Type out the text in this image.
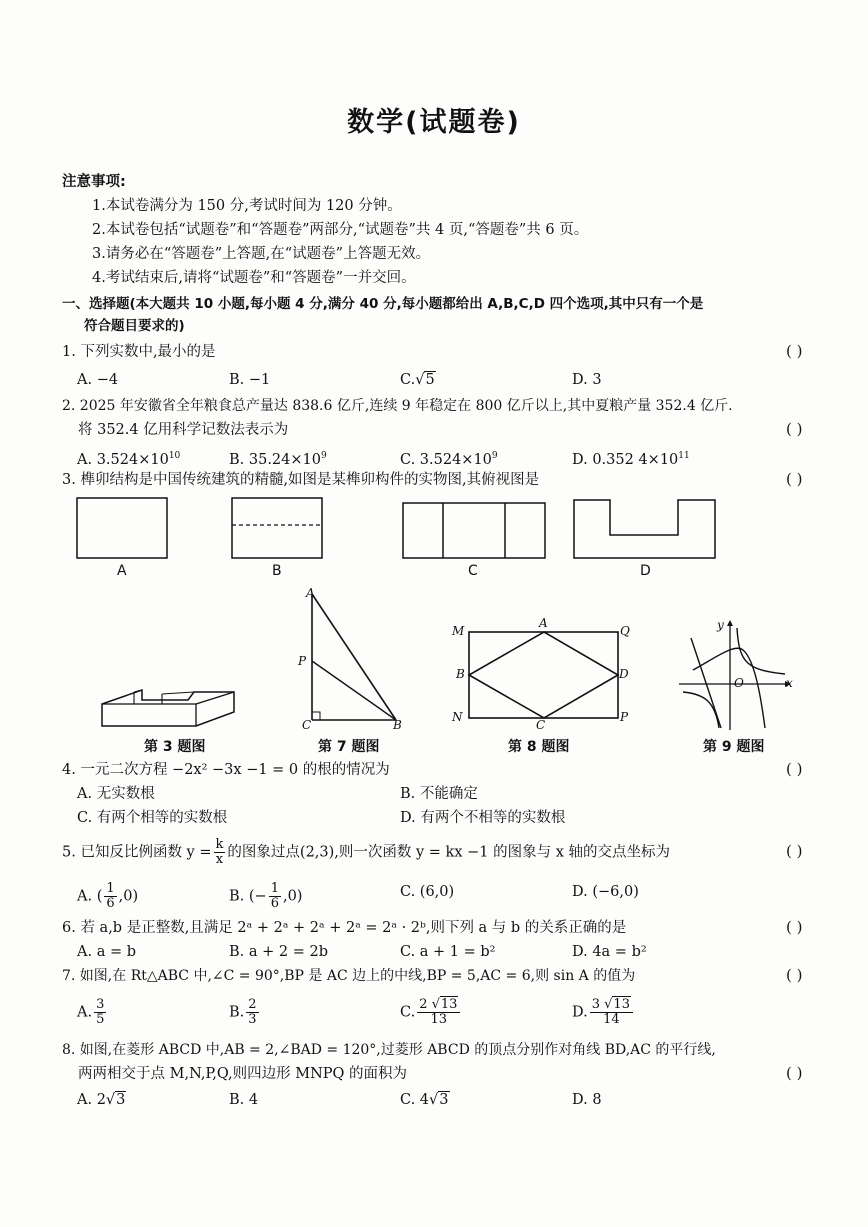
数学(试题卷)
注意事项:
1.本试卷满分为 150 分,考试时间为 120 分钟。
2.本试卷包括“试题卷”和“答题卷”两部分,“试题卷”共 4 页,“答题卷”共 6 页。
3.请务必在“答题卷”上答题,在“试题卷”上答题无效。
4.考试结束后,请将“试题卷”和“答题卷”一并交回。
一、选择题(本大题共 10 小题,每小题 4 分,满分 40 分,每小题都给出 A,B,C,D 四个选项,其中只有一个是
符合题目要求的)
1. 下列实数中,最小的是	( )
A. −4	B. −1	C.√5	D. 3
2. 2025 年安徽省全年粮食总产量达 838.6 亿斤,连续 9 年稳定在 800 亿斤以上,其中夏粮产量 352.4 亿斤.
将 352.4 亿用科学记数法表示为	( )
A. $3.524\times 10^{10}$	B. $35.24\times 10^9$	C. $3.524\times 10^9$	D. 0.352 $4\times 10^{11}$
3. 榫卯结构是中国传统建筑的精髓,如图是某榫卯构件的实物图,其俯视图是	( )
A	B	C	D
A
P
C	B
M
A
Q
B	D
N
C
P
y
O	x
第 3 题图	第 7 题图	第 8 题图	第 9 题图
4. 一元二次方程 −2x² −3x −1 = 0 的根的情况为	( )
A. 无实数根	B. 不能确定
C. 有两个相等的实数根	D. 有两个不相等的实数根
5. 已知反比例函数 $y = \frac{k}{x}$ 的图象过点(2,3),则一次函数 y = kx −1 的图象与 x 轴的交点坐标为	( )
A. ( $\frac{1}{6} ,0$)	B. (− $\frac{1}{6} ,0$)	C. (6,0)	D. (−6,0)
6. 若 a,b 是正整数,且满足 2ᵃ + 2ᵃ + 2ᵃ + 2ᵃ = 2ᵃ · 2ᵇ,则下列 a 与 b 的关系正确的是	( )
A. a = b	B. a + 2 = 2b	C. a + 1 = b²	D. 4a = b²
7. 如图,在 Rt△ABC 中,∠C = 90°,BP 是 AC 边上的中线,BP = 5,AC = 6,则 sin A 的值为	( )
A. $\frac{3}{5}$	B. $\frac{2}{3}$	C. $\frac{2 √13}{13}$	D. $\frac{3 √13}{14}$
8. 如图,在菱形 ABCD 中,AB = 2,∠BAD = 120°,过菱形 ABCD 的顶点分别作对角线 BD,AC 的平行线,
两两相交于点 M,N,P,Q,则四边形 MNPQ 的面积为	( )
A. 2√3	B. 4	C. 4√3	D. 8
